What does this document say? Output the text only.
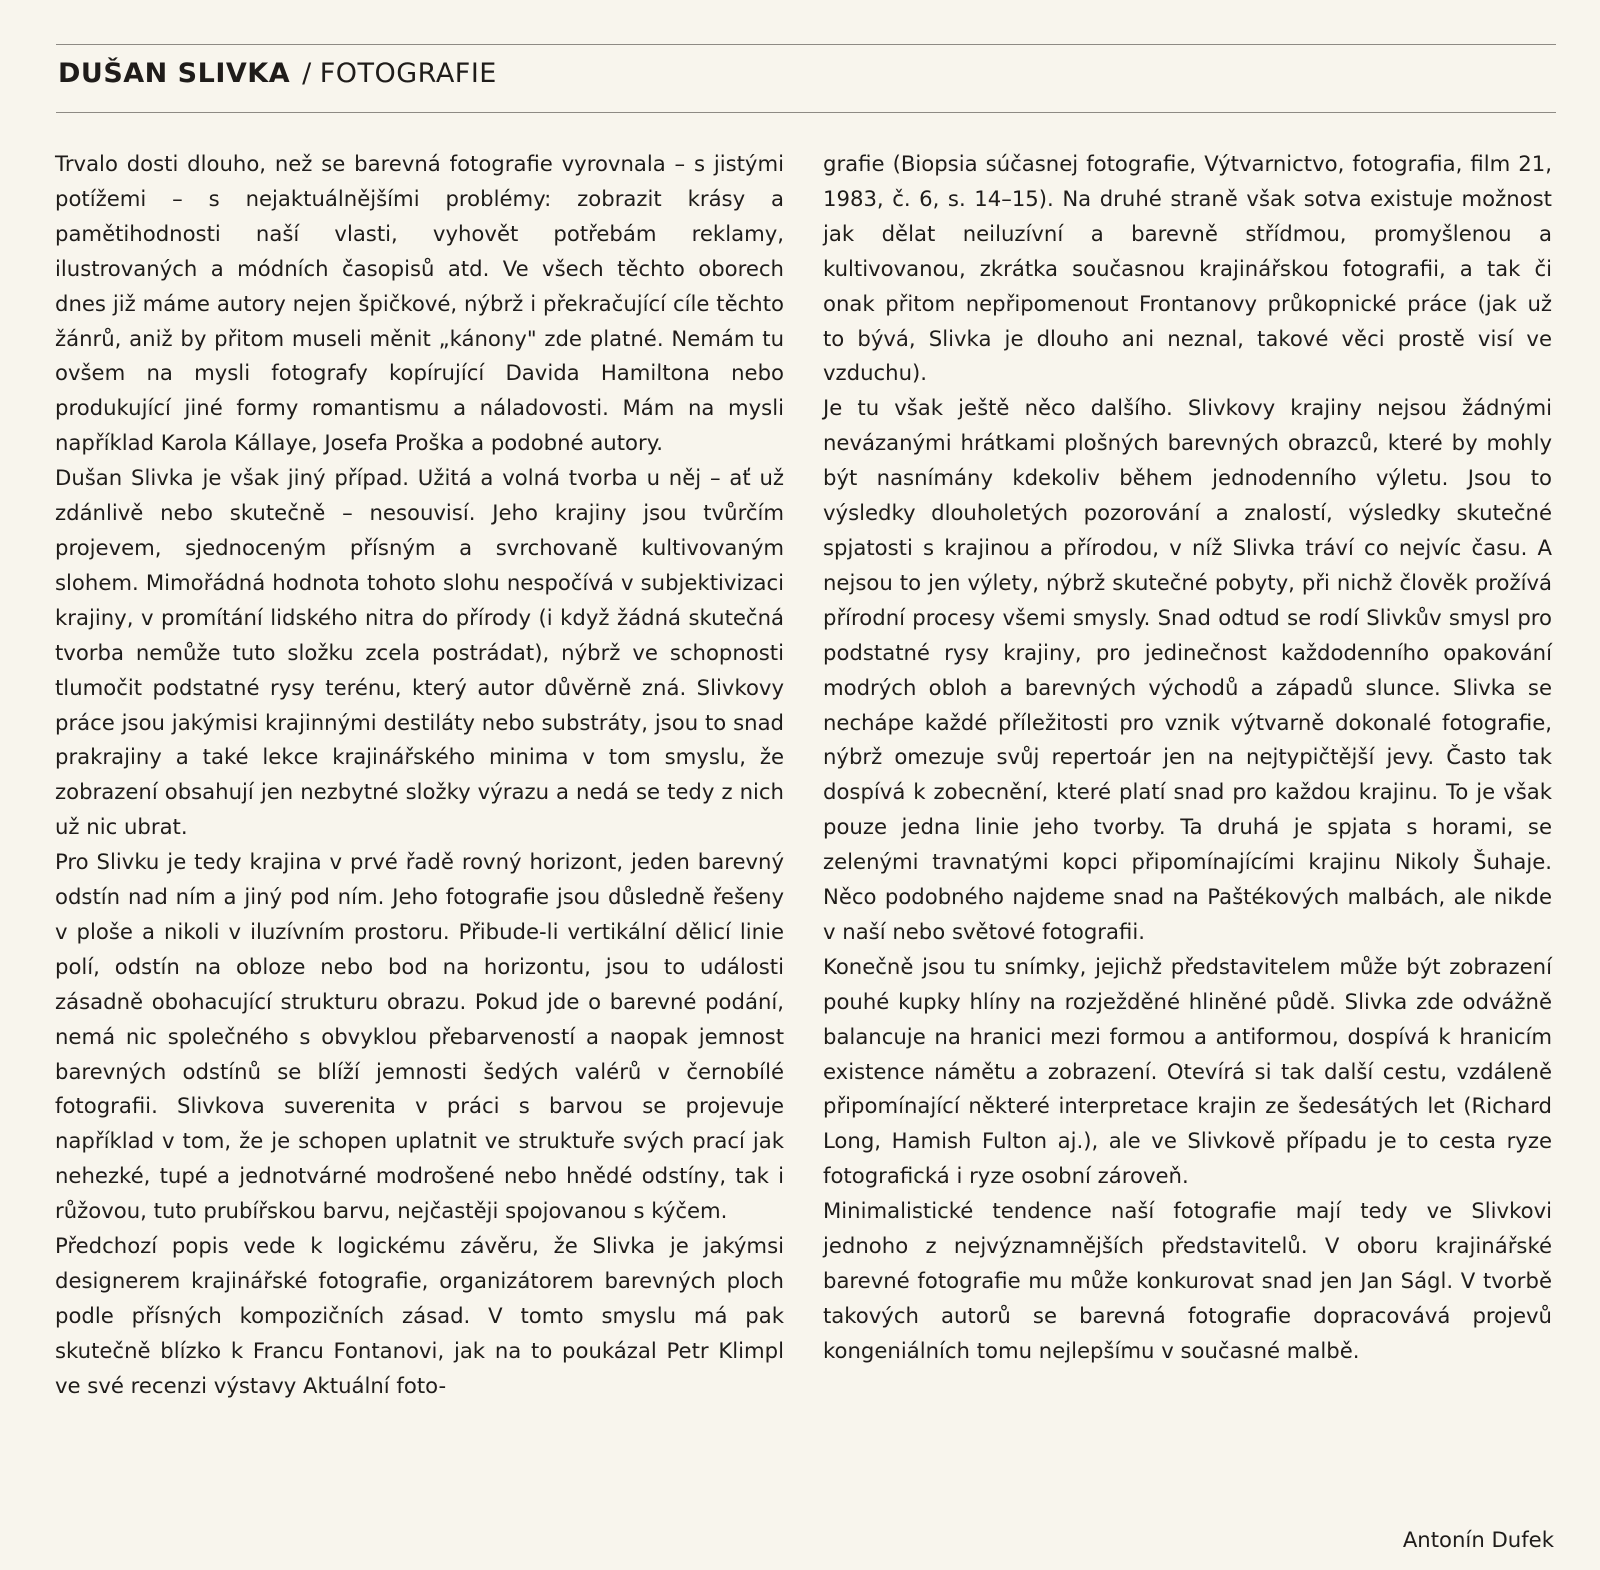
DUŠAN SLIVKA / FOTOGRAFIE

Trvalo dosti dlouho, než se barevná fotografie vyrovnala – s jistými potížemi – s nejaktuálnějšími problémy: zobrazit krásy a pamětihodnosti naší vlasti, vyhovět potřebám reklamy, ilustrovaných a módních časopisů atd. Ve všech těchto oborech dnes již máme autory nejen špičkové, nýbrž i překračující cíle těchto žánrů, aniž by přitom museli měnit „kánony" zde platné. Nemám tu ovšem na mysli fotografy kopírující Davida Hamiltona nebo produkující jiné formy romantismu a náladovosti. Mám na mysli například Karola Kállaye, Josefa Proška a podobné autory.

Dušan Slivka je však jiný případ. Užitá a volná tvorba u něj – ať už zdánlivě nebo skutečně – nesouvisí. Jeho krajiny jsou tvůrčím projevem, sjednoceným přísným a svrchovaně kultivovaným slohem. Mimořádná hodnota tohoto slohu nespočívá v subjektivizaci krajiny, v promítání lidského nitra do přírody (i když žádná skutečná tvorba nemůže tuto složku zcela postrádat), nýbrž ve schopnosti tlumočit podstatné rysy terénu, který autor důvěrně zná. Slivkovy práce jsou jakýmisi krajinnými destiláty nebo substráty, jsou to snad prakrajiny a také lekce krajinářského minima v tom smyslu, že zobrazení obsahují jen nezbytné složky výrazu a nedá se tedy z nich už nic ubrat.

Pro Slivku je tedy krajina v prvé řadě rovný horizont, jeden barevný odstín nad ním a jiný pod ním. Jeho fotografie jsou důsledně řešeny v ploše a nikoli v iluzívním prostoru. Přibude-li vertikální dělicí linie polí, odstín na obloze nebo bod na horizontu, jsou to události zásadně obohacující strukturu obrazu. Pokud jde o barevné podání, nemá nic společného s obvyklou přebarveností a naopak jemnost barevných odstínů se blíží jemnosti šedých valérů v černobílé fotografii. Slivkova suverenita v práci s barvou se projevuje například v tom, že je schopen uplatnit ve struktuře svých prací jak nehezké, tupé a jednotvárné modrošené nebo hnědé odstíny, tak i růžovou, tuto prubířskou barvu, nejčastěji spojovanou s kýčem.

Předchozí popis vede k logickému závěru, že Slivka je jakýmsi designerem krajinářské fotografie, organizátorem barevných ploch podle přísných kompozičních zásad. V tomto smyslu má pak skutečně blízko k Francu Fontanovi, jak na to poukázal Petr Klimpl ve své recenzi výstavy Aktuální foto-

grafie (Biopsia súčasnej fotografie, Výtvarnictvo, fotografia, film 21, 1983, č. 6, s. 14–15). Na druhé straně však sotva existuje možnost jak dělat neiluzívní a barevně střídmou, promyšlenou a kultivovanou, zkrátka současnou krajinářskou fotografii, a tak či onak přitom nepřipomenout Frontanovy průkopnické práce (jak už to bývá, Slivka je dlouho ani neznal, takové věci prostě visí ve vzduchu).

Je tu však ještě něco dalšího. Slivkovy krajiny nejsou žádnými nevázanými hrátkami plošných barevných obrazců, které by mohly být nasnímány kdekoliv během jednodenního výletu. Jsou to výsledky dlouholetých pozorování a znalostí, výsledky skutečné spjatosti s krajinou a přírodou, v níž Slivka tráví co nejvíc času. A nejsou to jen výlety, nýbrž skutečné pobyty, při nichž člověk prožívá přírodní procesy všemi smysly. Snad odtud se rodí Slivkův smysl pro podstatné rysy krajiny, pro jedinečnost každodenního opakování modrých obloh a barevných východů a západů slunce. Slivka se nechápe každé příležitosti pro vznik výtvarně dokonalé fotografie, nýbrž omezuje svůj repertoár jen na nejtypičtější jevy. Často tak dospívá k zobecnění, které platí snad pro každou krajinu. To je však pouze jedna linie jeho tvorby. Ta druhá je spjata s horami, se zelenými travnatými kopci připomínajícími krajinu Nikoly Šuhaje. Něco podobného najdeme snad na Paštékových malbách, ale nikde v naší nebo světové fotografii.

Konečně jsou tu snímky, jejichž představitelem může být zobrazení pouhé kupky hlíny na rozježděné hliněné půdě. Slivka zde odvážně balancuje na hranici mezi formou a antiformou, dospívá k hranicím existence námětu a zobrazení. Otevírá si tak další cestu, vzdáleně připomínající některé interpretace krajin ze šedesátých let (Richard Long, Hamish Fulton aj.), ale ve Slivkově případu je to cesta ryze fotografická i ryze osobní zároveň.

Minimalistické tendence naší fotografie mají tedy ve Slivkovi jednoho z nejvýznamnějších představitelů. V oboru krajinářské barevné fotografie mu může konkurovat snad jen Jan Ságl. V tvorbě takových autorů se barevná fotografie dopracovává projevů kongeniálních tomu nejlepšímu v současné malbě.

Antonín Dufek
